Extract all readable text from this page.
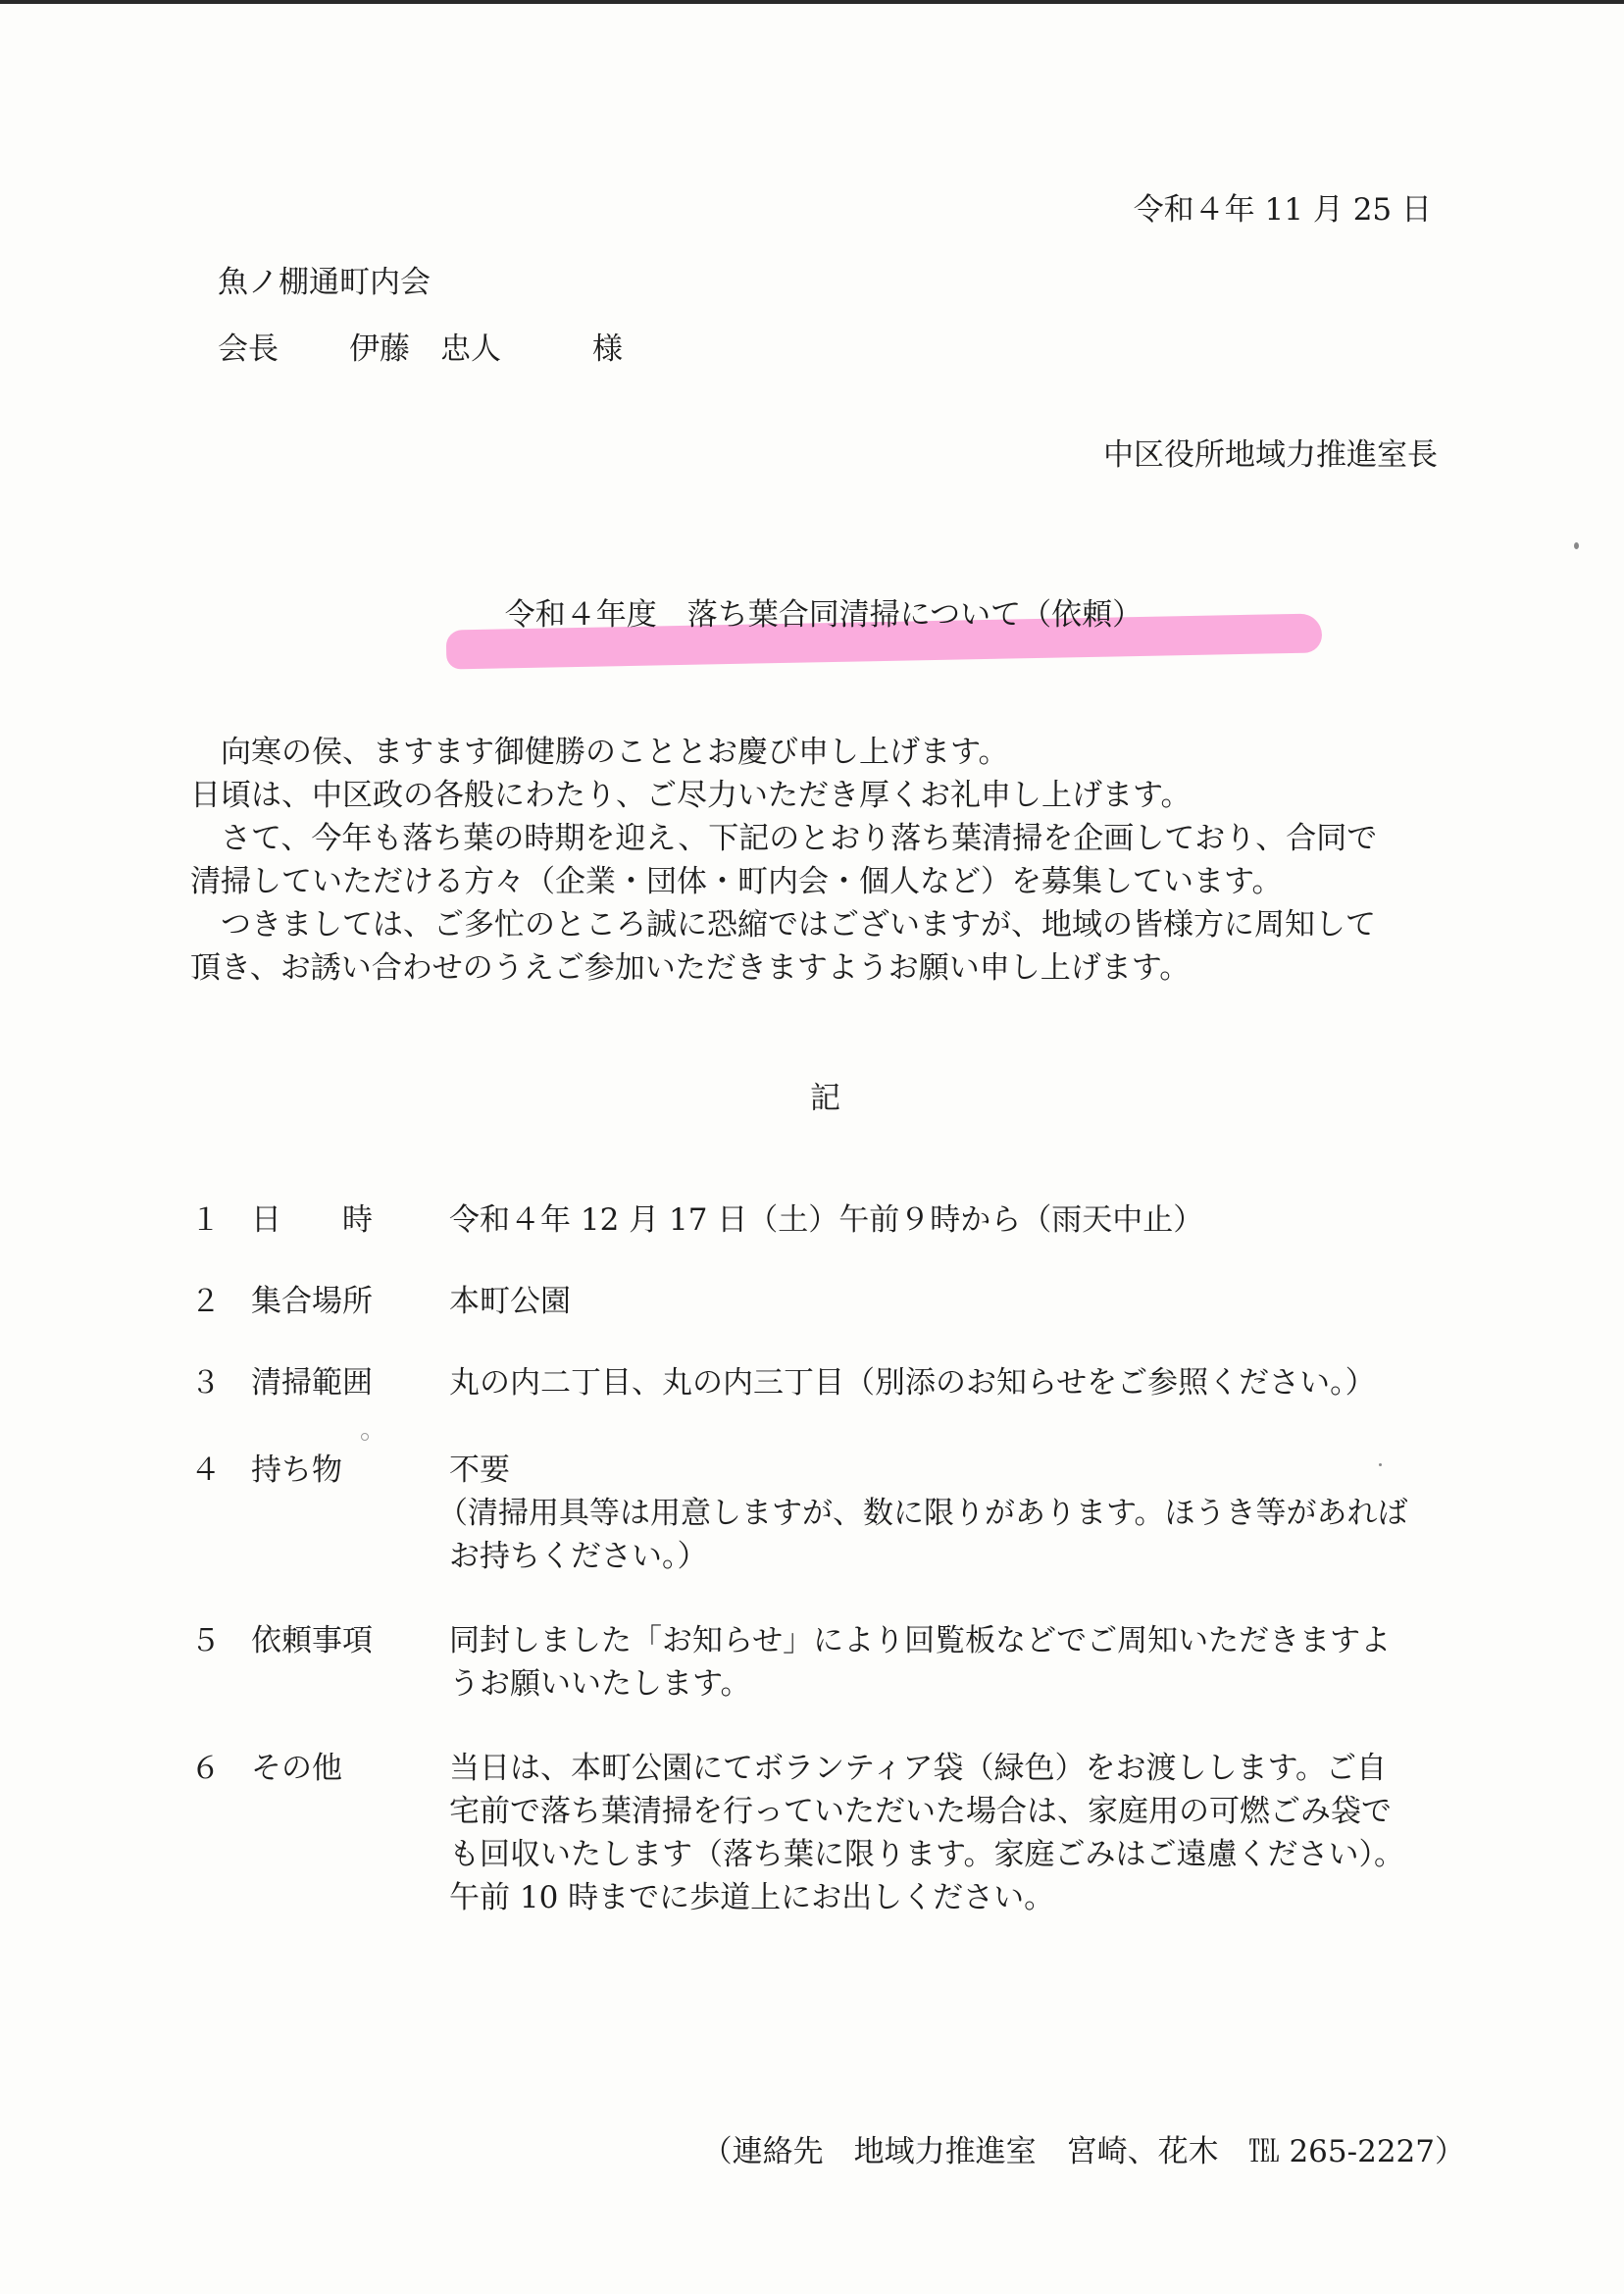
令和４年 11 月 25 日
魚ノ棚通町内会
会長 伊藤　忠人	様
中区役所地域力推進室長
令和４年度　落ち葉合同清掃について（依頼）

向寒の侯、ますます御健勝のこととお慶び申し上げます。

日頃は、中区政の各般にわたり、ご尽力いただき厚くお礼申し上げます。

さて、今年も落ち葉の時期を迎え、下記のとおり落ち葉清掃を企画しており、合同で

清掃していただける方々（企業・団体・町内会・個人など）を募集しています。

つきましては、ご多忙のところ誠に恐縮ではございますが、地域の皆様方に周知して

頂き、お誘い合わせのうえご参加いただきますようお願い申し上げます。

記
１ 日　　時	令和４年 12 月 17 日（土）午前９時から（雨天中止）

２ 集合場所	本町公園

３ 清掃範囲	丸の内二丁目、丸の内三丁目（別添のお知らせをご参照ください。）

４ 持ち物	不要

（清掃用具等は用意しますが、数に限りがあります。ほうき等があれば

お持ちください。）

５ 依頼事項	同封しました「お知らせ」により回覧板などでご周知いただきますよ

うお願いいたします。

６ その他	当日は、本町公園にてボランティア袋（緑色）をお渡しします。ご自

宅前で落ち葉清掃を行っていただいた場合は、家庭用の可燃ごみ袋で

も回収いたします（落ち葉に限ります。家庭ごみはご遠慮ください）。

午前 10 時までに歩道上にお出しください。

（連絡先　地域力推進室　宮崎、花木　℡ 265-2227）
